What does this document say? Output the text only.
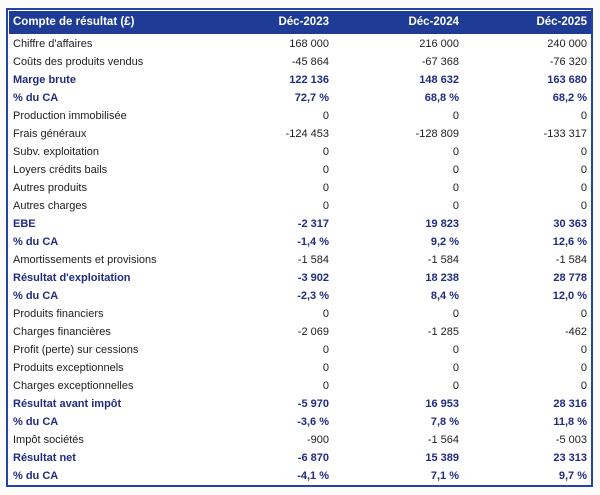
Compte de résultat (£)	Déc-2023	Déc-2024	Déc-2025
Chiffre d'affaires	168 000	216 000	240 000
Coûts des produits vendus	-45 864	-67 368	-76 320
Marge brute	122 136	148 632	163 680
% du CA	72,7 %	68,8 %	68,2 %
Production immobilisée	0	0	0
Frais généraux	-124 453	-128 809	-133 317
Subv. exploitation	0	0	0
Loyers crédits bails	0	0	0
Autres produits	0	0	0
Autres charges	0	0	0
EBE	-2 317	19 823	30 363
% du CA	-1,4 %	9,2 %	12,6 %
Amortissements et provisions	-1 584	-1 584	-1 584
Résultat d'exploitation	-3 902	18 238	28 778
% du CA	-2,3 %	8,4 %	12,0 %
Produits financiers	0	0	0
Charges financières	-2 069	-1 285	-462
Profit (perte) sur cessions	0	0	0
Produits exceptionnels	0	0	0
Charges exceptionnelles	0	0	0
Résultat avant impôt	-5 970	16 953	28 316
% du CA	-3,6 %	7,8 %	11,8 %
Impôt sociétés	-900	-1 564	-5 003
Résultat net	-6 870	15 389	23 313
% du CA	-4,1 %	7,1 %	9,7 %
